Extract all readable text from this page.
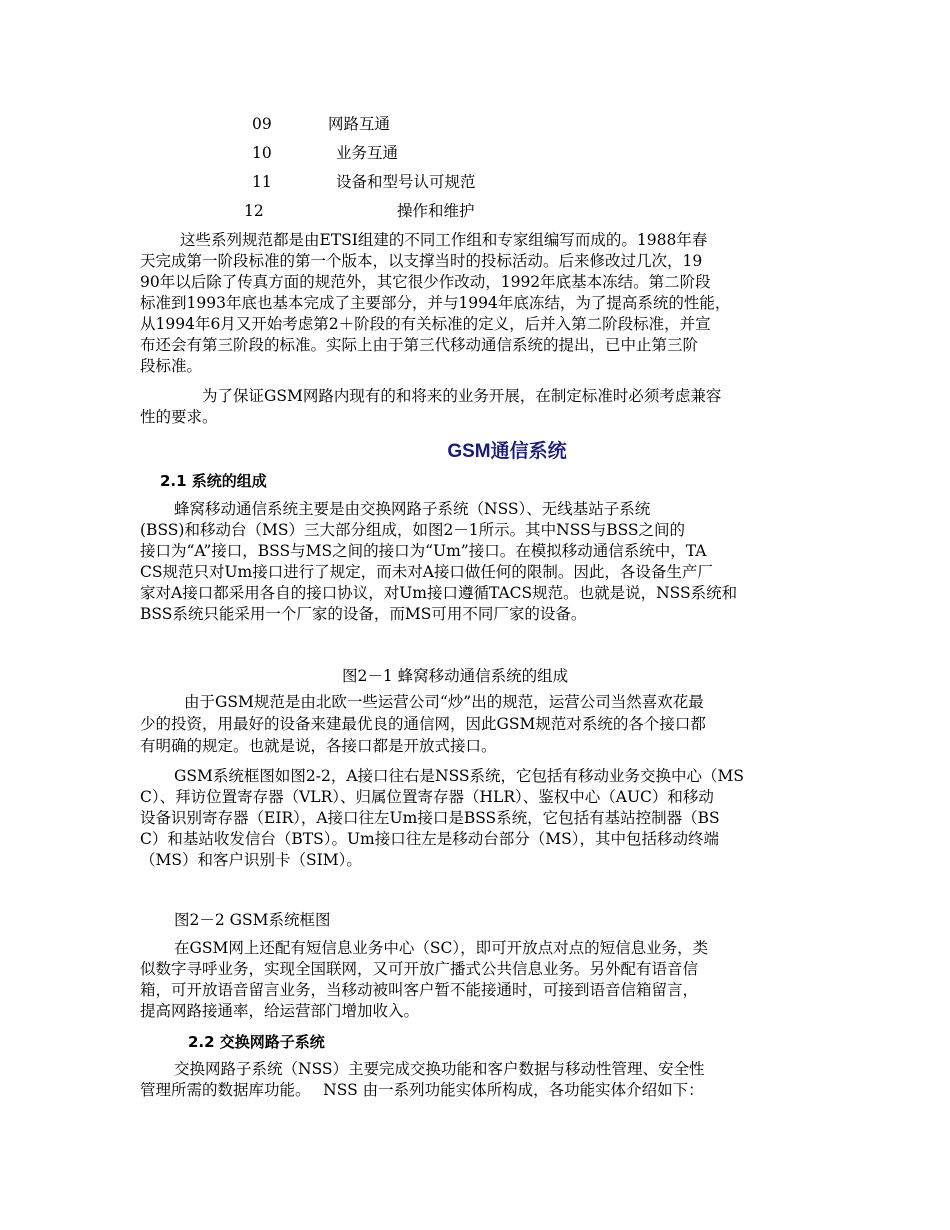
09	网路互通
10	业务互通
11	设备和型号认可规范
12	操作和维护
这些系列规范都是由ETSI组建的不同工作组和专家组编写而成的。1988年春
天完成第一阶段标准的第一个版本，以支撑当时的投标活动。后来修改过几次，19
90年以后除了传真方面的规范外，其它很少作改动，1992年底基本冻结。第二阶段
标准到1993年底也基本完成了主要部分，并与1994年底冻结，为了提高系统的性能，
从1994年6月又开始考虑第2＋阶段的有关标准的定义，后并入第二阶段标准，并宣
布还会有第三阶段的标准。实际上由于第三代移动通信系统的提出，已中止第三阶
段标准。
为了保证GSM网路内现有的和将来的业务开展，在制定标准时必须考虑兼容
性的要求。
GSM通信系统
2.1 系统的组成
蜂窝移动通信系统主要是由交换网路子系统（NSS）、无线基站子系统
(BSS)和移动台（MS）三大部分组成，如图2－1所示。其中NSS与BSS之间的
接口为“A”接口，BSS与MS之间的接口为“Um”接口。在模拟移动通信系统中，TA
CS规范只对Um接口进行了规定，而未对A接口做任何的限制。因此，各设备生产厂
家对A接口都采用各自的接口协议，对Um接口遵循TACS规范。也就是说，NSS系统和
BSS系统只能采用一个厂家的设备，而MS可用不同厂家的设备。
图2－1 蜂窝移动通信系统的组成
由于GSM规范是由北欧一些运营公司“炒”出的规范，运营公司当然喜欢花最
少的投资，用最好的设备来建最优良的通信网，因此GSM规范对系统的各个接口都
有明确的规定。也就是说，各接口都是开放式接口。
GSM系统框图如图2-2，A接口往右是NSS系统，它包括有移动业务交换中心（MS
C）、拜访位置寄存器（VLR）、归属位置寄存器（HLR）、鉴权中心（AUC）和移动
设备识别寄存器（EIR），A接口往左Um接口是BSS系统，它包括有基站控制器（BS
C）和基站收发信台（BTS）。Um接口往左是移动台部分（MS），其中包括移动终端
（MS）和客户识别卡（SIM）。
图2－2 GSM系统框图
在GSM网上还配有短信息业务中心（SC），即可开放点对点的短信息业务，类
似数字寻呼业务，实现全国联网，又可开放广播式公共信息业务。另外配有语音信
箱，可开放语音留言业务，当移动被叫客户暂不能接通时，可接到语音信箱留言，
提高网路接通率，给运营部门增加收入。
2.2 交换网路子系统
交换网路子系统（NSS）主要完成交换功能和客户数据与移动性管理、安全性
管理所需的数据库功能。　 NSS 由一系列功能实体所构成，各功能实体介绍如下：
